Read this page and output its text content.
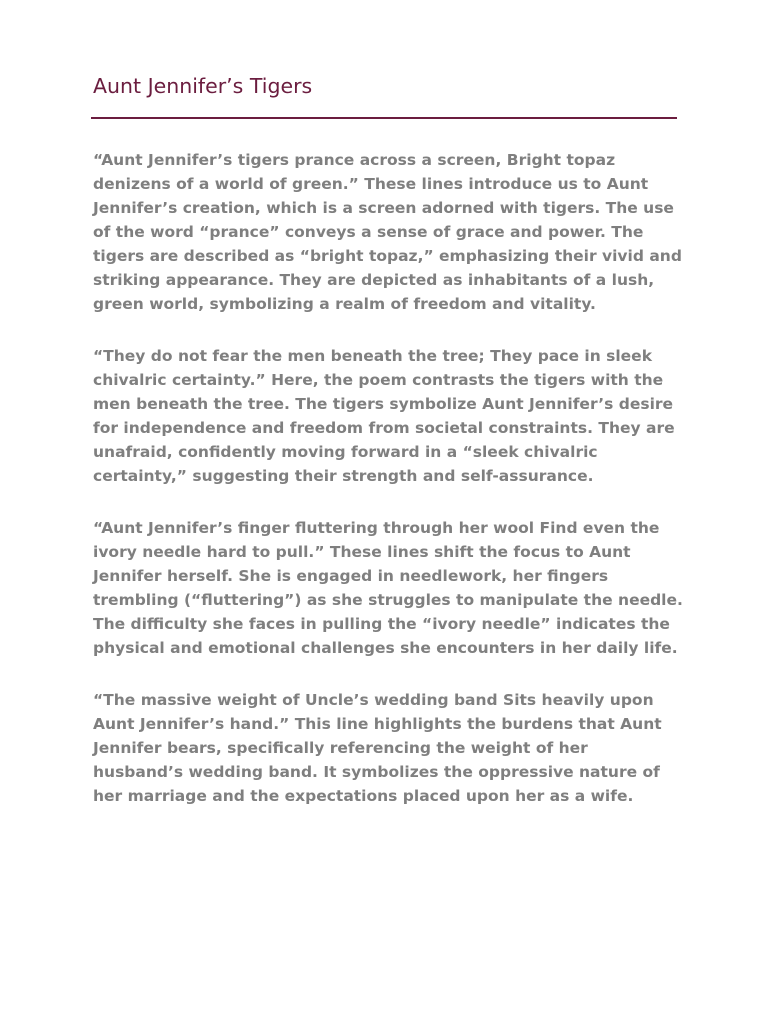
Aunt Jennifer’s Tigers

“Aunt Jennifer’s tigers prance across a screen, Bright topaz denizens of a world of green.” These lines introduce us to Aunt Jennifer’s creation, which is a screen adorned with tigers. The use of the word “prance” conveys a sense of grace and power. The tigers are described as “bright topaz,” emphasizing their vivid and striking appearance. They are depicted as inhabitants of a lush, green world, symbolizing a realm of freedom and vitality.

“They do not fear the men beneath the tree; They pace in sleek chivalric certainty.” Here, the poem contrasts the tigers with the men beneath the tree. The tigers symbolize Aunt Jennifer’s desire for independence and freedom from societal constraints. They are unafraid, confidently moving forward in a “sleek chivalric certainty,” suggesting their strength and self-assurance.

“Aunt Jennifer’s finger fluttering through her wool Find even the ivory needle hard to pull.” These lines shift the focus to Aunt Jennifer herself. She is engaged in needlework, her fingers trembling (“fluttering”) as she struggles to manipulate the needle. The difficulty she faces in pulling the “ivory needle” indicates the physical and emotional challenges she encounters in her daily life.

“The massive weight of Uncle’s wedding band Sits heavily upon Aunt Jennifer’s hand.” This line highlights the burdens that Aunt Jennifer bears, specifically referencing the weight of her husband’s wedding band. It symbolizes the oppressive nature of her marriage and the expectations placed upon her as a wife.
